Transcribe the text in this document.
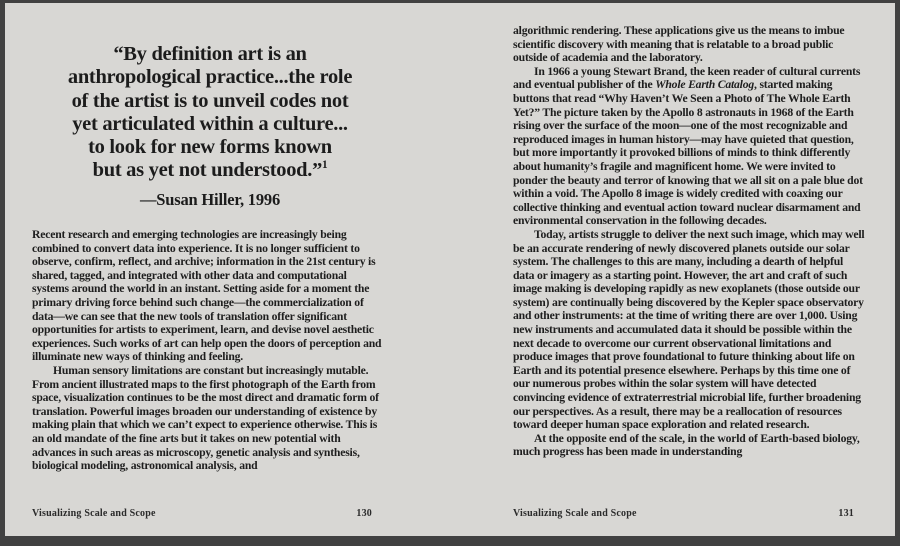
“By definition art is an
anthropological practice...the role
of the artist is to unveil codes not
yet articulated within a culture...
to look for new forms known
but as yet not understood.”$^1$
—Susan Hiller, 1996

Recent research and emerging technologies are increasingly being combined to convert data into experience. It is no longer sufficient to observe, confirm, reflect, and archive; information in the 21st century is shared, tagged, and integrated with other data and computational systems around the world in an instant. Setting aside for a moment the primary driving force behind such change—the commercialization of data—we can see that the new tools of translation offer significant opportunities for artists to experiment, learn, and devise novel aesthetic experiences. Such works of art can help open the doors of perception and illuminate new ways of thinking and feeling.

Human sensory limitations are constant but increasingly mutable. From ancient illustrated maps to the first photograph of the Earth from space, visualization continues to be the most direct and dramatic form of translation. Powerful images broaden our understanding of existence by making plain that which we can’t expect to experience otherwise. This is an old mandate of the fine arts but it takes on new potential with advances in such areas as microscopy, genetic analysis and synthesis, biological modeling, astronomical analysis, and

Visualizing Scale and Scope	130

algorithmic rendering. These applications give us the means to imbue scientific discovery with meaning that is relatable to a broad public outside of academia and the laboratory.

In 1966 a young Stewart Brand, the keen reader of cultural currents and eventual publisher of the Whole Earth Catalog, started making buttons that read “Why Haven’t We Seen a Photo of The Whole Earth Yet?” The picture taken by the Apollo 8 astronauts in 1968 of the Earth rising over the surface of the moon—one of the most recognizable and reproduced images in human history—may have quieted that question, but more importantly it provoked billions of minds to think differently about humanity’s fragile and magnificent home. We were invited to ponder the beauty and terror of knowing that we all sit on a pale blue dot within a void. The Apollo 8 image is widely credited with coaxing our collective thinking and eventual action toward nuclear disarmament and environmental conservation in the following decades.

Today, artists struggle to deliver the next such image, which may well be an accurate rendering of newly discovered planets outside our solar system. The challenges to this are many, including a dearth of helpful data or imagery as a starting point. However, the art and craft of such image making is developing rapidly as new exoplanets (those outside our system) are continually being discovered by the Kepler space observatory and other instruments: at the time of writing there are over 1,000. Using new instruments and accumulated data it should be possible within the next decade to overcome our current observational limitations and produce images that prove foundational to future thinking about life on Earth and its potential presence elsewhere. Perhaps by this time one of our numerous probes within the solar system will have detected convincing evidence of extraterrestrial microbial life, further broadening our perspectives. As a result, there may be a reallocation of resources toward deeper human space exploration and related research.

At the opposite end of the scale, in the world of Earth-based biology, much progress has been made in understanding

Visualizing Scale and Scope	131
